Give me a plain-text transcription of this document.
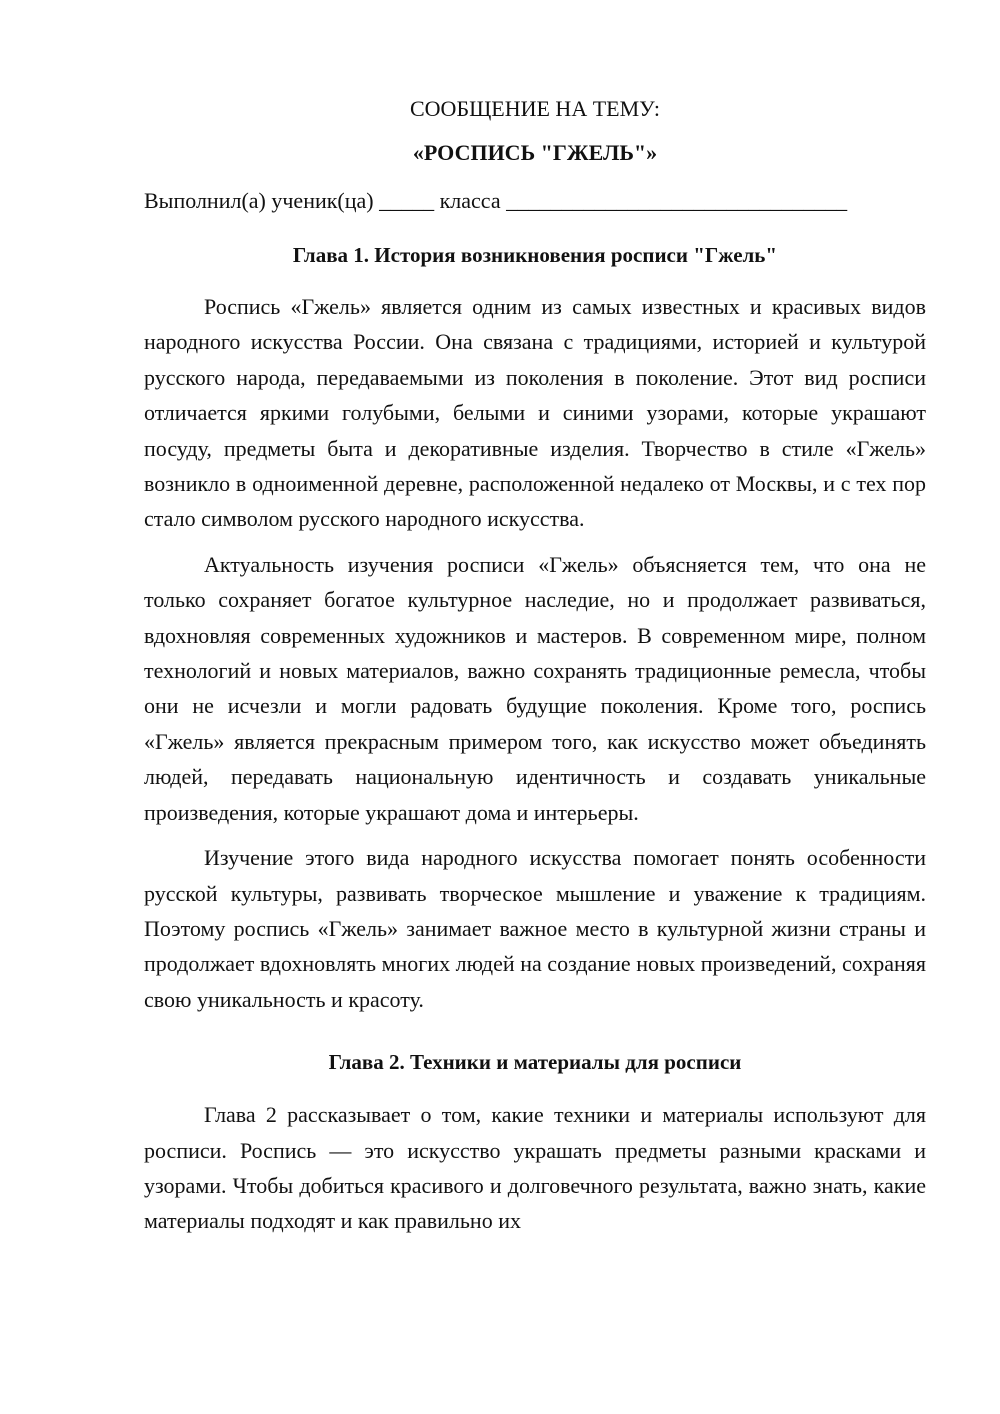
СООБЩЕНИЕ НА ТЕМУ:

«РОСПИСЬ "ГЖЕЛЬ"»

Выполнил(а) ученик(ца) _____ класса _______________________________
Глава 1. История возникновения росписи "Гжель"

Роспись «Гжель» является одним из самых известных и красивых видов народного искусства России. Она связана с традициями, историей и культурой русского народа, передаваемыми из поколения в поколение. Этот вид росписи отличается яркими голубыми, белыми и синими узорами, которые украшают посуду, предметы быта и декоративные изделия. Творчество в стиле «Гжель» возникло в одноименной деревне, расположенной недалеко от Москвы, и с тех пор стало символом русского народного искусства.

Актуальность изучения росписи «Гжель» объясняется тем, что она не только сохраняет богатое культурное наследие, но и продолжает развиваться, вдохновляя современных художников и мастеров. В современном мире, полном технологий и новых материалов, важно сохранять традиционные ремесла, чтобы они не исчезли и могли радовать будущие поколения. Кроме того, роспись «Гжель» является прекрасным примером того, как искусство может объединять людей, передавать национальную идентичность и создавать уникальные произведения, которые украшают дома и интерьеры.

Изучение этого вида народного искусства помогает понять особенности русской культуры, развивать творческое мышление и уважение к традициям. Поэтому роспись «Гжель» занимает важное место в культурной жизни страны и продолжает вдохновлять многих людей на создание новых произведений, сохраняя свою уникальность и красоту.

Глава 2. Техники и материалы для росписи

Глава 2 рассказывает о том, какие техники и материалы используют для росписи. Роспись — это искусство украшать предметы разными красками и узорами. Чтобы добиться красивого и долговечного результата, важно знать, какие материалы подходят и как правильно их
